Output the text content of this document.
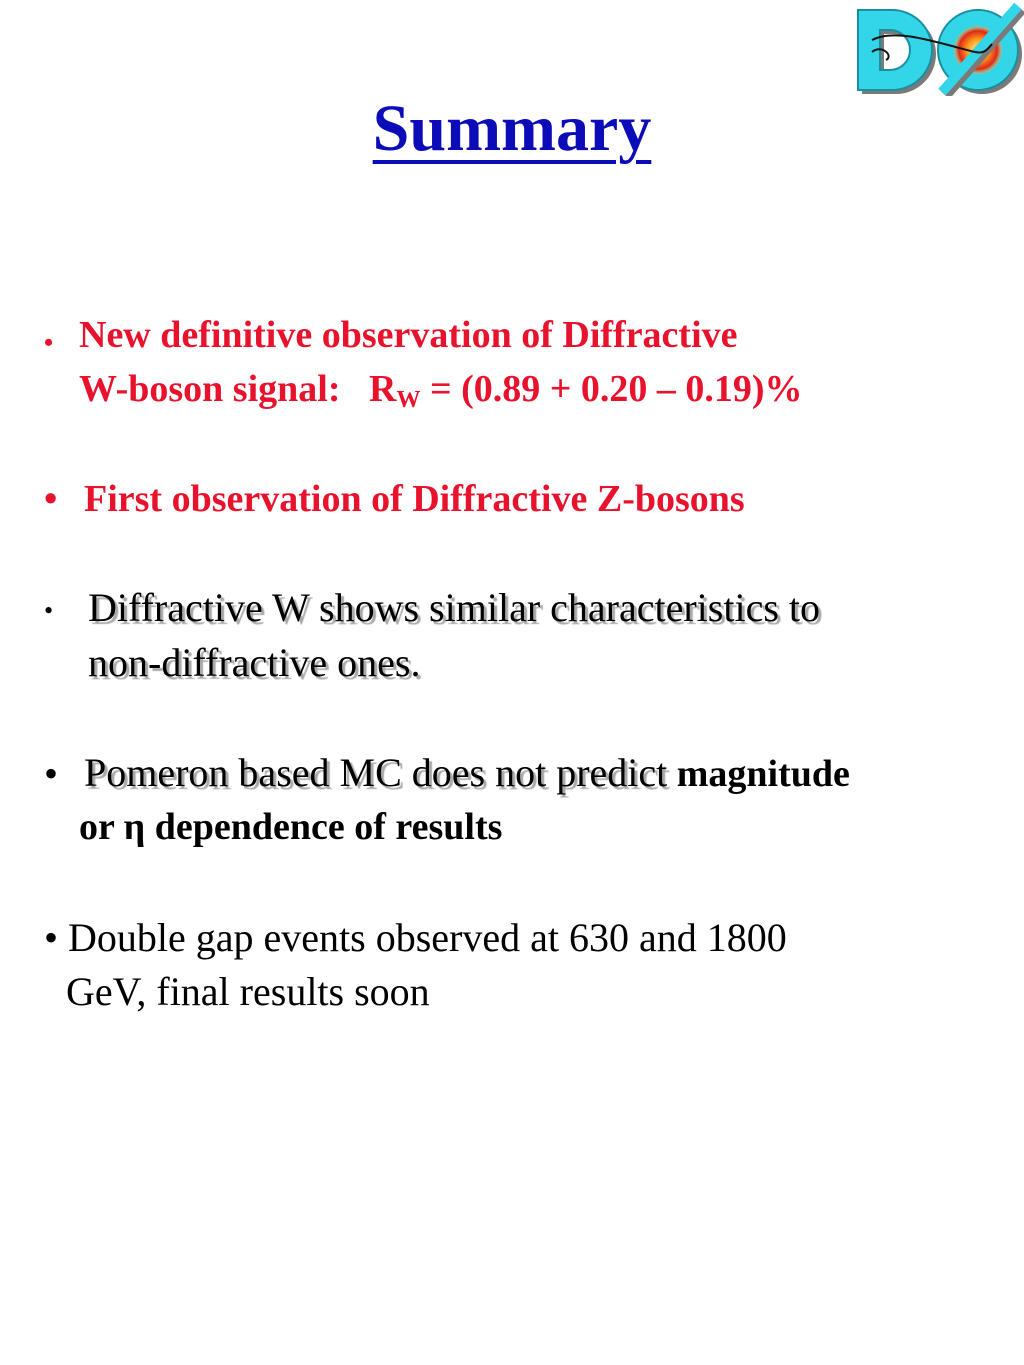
Summary
• New definitive observation of Diffractive
W-boson signal:   $R_W = (0.89 + 0.20 - 0.19)\%$
• First observation of Diffractive Z-bosons
• Diffractive W shows similar characteristics to
non-diffractive ones.
• Pomeron based MC does not predict magnitude
or η dependence of results
• Double gap events observed at 630 and 1800
GeV, final results soon
